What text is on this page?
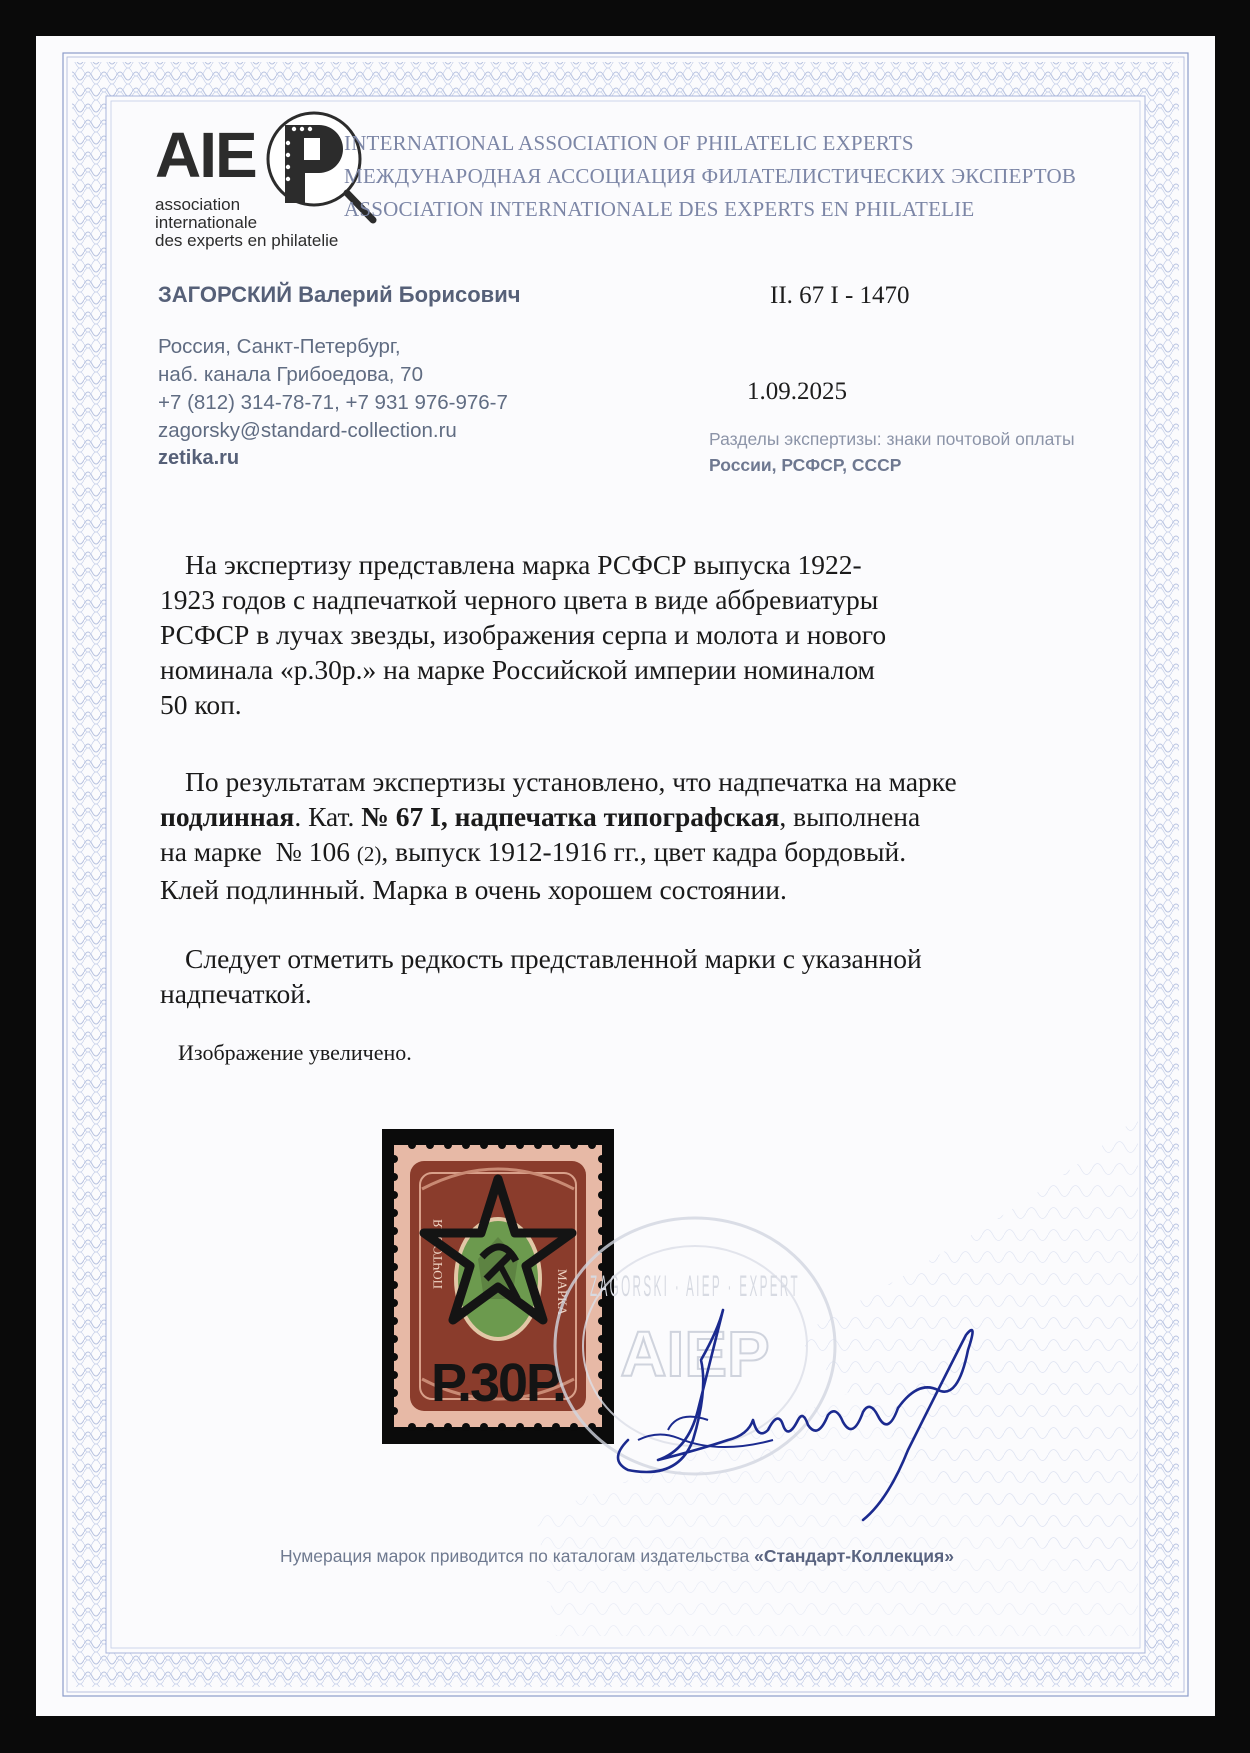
AIE
association
internationale
des experts en philatelie
INTERNATIONAL ASSOCIATION OF PHILATELIC EXPERTS
МЕЖДУНАРОДНАЯ АССОЦИАЦИЯ ФИЛАТЕЛИСТИЧЕСКИХ ЭКСПЕРТОВ
ASSOCIATION INTERNATIONALE DES EXPERTS EN PHILATELIE
ЗАГОРСКИЙ Валерий Борисович	II. 67 I - 1470
Россия, Санкт-Петербург,
наб. канала Грибоедова, 70
+7 (812) 314-78-71, +7 931 976-976-7
zagorsky@standard-collection.ru
zetika.ru
1.09.2025
Разделы экспертизы: знаки почтовой оплаты России, РСФСР, СССР
На экспертизу представлена марка РСФСР выпуска 1922-
1923 годов с надпечаткой черного цвета в виде аббревиатуры
РСФСР в лучах звезды, изображения серпа и молота и нового
номинала «р.30р.» на марке Российской империи номиналом
50 коп.
По результатам экспертизы установлено, что надпечатка на марке
подлинная. Кат. № 67 I, надпечатка типографская, выполнена
на марке  № 106 (2), выпуск 1912-1916 гг., цвет кадра бордовый.
Клей подлинный. Марка в очень хорошем состоянии.
Следует отметить редкость представленной марки с указанной
надпечаткой.
Изображение увеличено.
ПОЧТОВАЯ
МАРКА
Р.30Р.
ZAGORSKI · AIEP · EXPERT
AIEP
Нумерация марок приводится по каталогам издательства «Стандарт-Коллекция»
